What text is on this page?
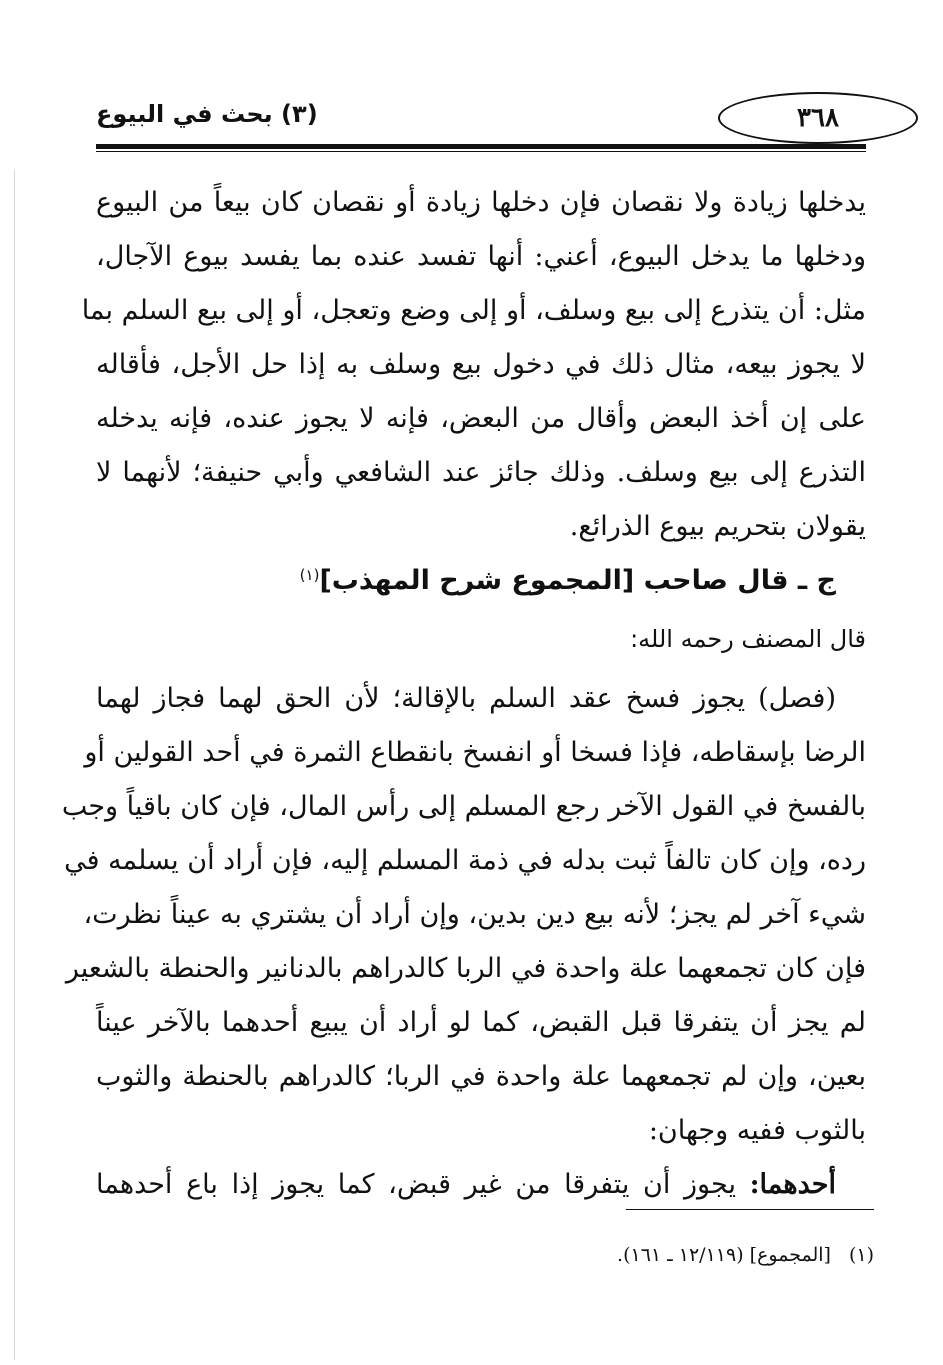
٣٦٨
(٣) بحث في البيوع
يدخلها زيادة ولا نقصان فإن دخلها زيادة أو نقصان كان بيعاً من البيوع
ودخلها ما يدخل البيوع، أعني: أنها تفسد عنده بما يفسد بيوع الآجال،
مثل: أن يتذرع إلى بيع وسلف، أو إلى وضع وتعجل، أو إلى بيع السلم بما
لا يجوز بيعه، مثال ذلك في دخول بيع وسلف به إذا حل الأجل، فأقاله
على إن أخذ البعض وأقال من البعض، فإنه لا يجوز عنده، فإنه يدخله
التذرع إلى بيع وسلف. وذلك جائز عند الشافعي وأبي حنيفة؛ لأنهما لا
يقولان بتحريم بيوع الذرائع.
ج ـ قال صاحب [المجموع شرح المهذب]$^{(١)}$
قال المصنف رحمه الله:
(فصل) يجوز فسخ عقد السلم بالإقالة؛ لأن الحق لهما فجاز لهما
الرضا بإسقاطه، فإذا فسخا أو انفسخ بانقطاع الثمرة في أحد القولين أو
بالفسخ في القول الآخر رجع المسلم إلى رأس المال، فإن كان باقياً وجب
رده، وإن كان تالفاً ثبت بدله في ذمة المسلم إليه، فإن أراد أن يسلمه في
شيء آخر لم يجز؛ لأنه بيع دين بدين، وإن أراد أن يشتري به عيناً نظرت،
فإن كان تجمعهما علة واحدة في الربا كالدراهم بالدنانير والحنطة بالشعير
لم يجز أن يتفرقا قبل القبض، كما لو أراد أن يبيع أحدهما بالآخر عيناً
بعين، وإن لم تجمعهما علة واحدة في الربا؛ كالدراهم بالحنطة والثوب
بالثوب ففيه وجهان:
أحدهما: يجوز أن يتفرقا من غير قبض، كما يجوز إذا باع أحدهما
(١)[المجموع] (١٢/١١٩ ـ ١٦١).
